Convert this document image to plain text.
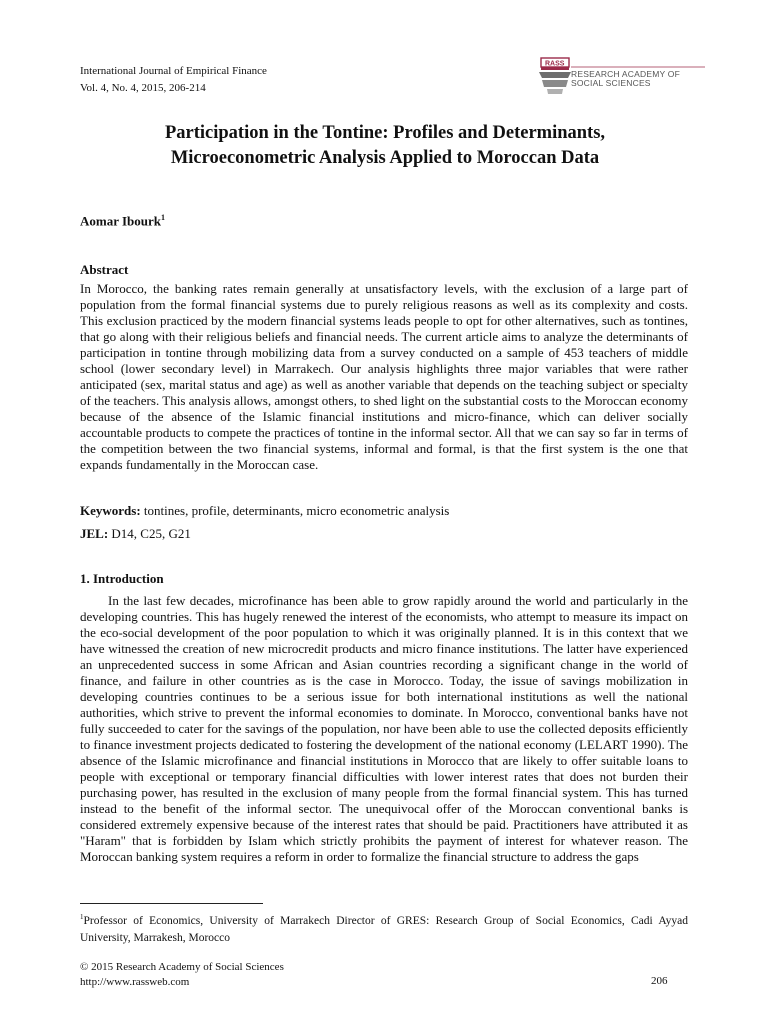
International Journal of Empirical Finance
Vol. 4, No. 4, 2015, 206-214
RASS
RESEARCH ACADEMY OF
SOCIAL SCIENCES
Participation in the Tontine: Profiles and Determinants,
Microeconometric Analysis Applied to Moroccan Data
Aomar Ibourk$^1$
Abstract
In Morocco, the banking rates remain generally at unsatisfactory levels, with the exclusion of a large part of population from the formal financial systems due to purely religious reasons as well as its complexity and costs. This exclusion practiced by the modern financial systems leads people to opt for other alternatives, such as tontines, that go along with their religious beliefs and financial needs. The current article aims to analyze the determinants of participation in tontine through mobilizing data from a survey conducted on a sample of 453 teachers of middle school (lower secondary level) in Marrakech. Our analysis highlights three major variables that were rather anticipated (sex, marital status and age) as well as another variable that depends on the teaching subject or specialty of the teachers. This analysis allows, amongst others, to shed light on the substantial costs to the Moroccan economy because of the absence of the Islamic financial institutions and micro-finance, which can deliver socially accountable products to compete the practices of tontine in the informal sector. All that we can say so far in terms of the competition between the two financial systems, informal and formal, is that the first system is the one that expands fundamentally in the Moroccan case.
Keywords: tontines, profile, determinants, micro econometric analysis
JEL: D14, C25, G21
1. Introduction
In the last few decades, microfinance has been able to grow rapidly around the world and particularly in the developing countries. This has hugely renewed the interest of the economists, who attempt to measure its impact on the eco-social development of the poor population to which it was originally planned. It is in this context that we have witnessed the creation of new microcredit products and micro finance institutions. The latter have experienced an unprecedented success in some African and Asian countries recording a significant change in the world of finance, and failure in other countries as is the case in Morocco. Today, the issue of savings mobilization in developing countries continues to be a serious issue for both international institutions as well the national authorities, which strive to prevent the informal economies to dominate. In Morocco, conventional banks have not fully succeeded to cater for the savings of the population, nor have been able to use the collected deposits efficiently to finance investment projects dedicated to fostering the development of the national economy (LELART 1990). The absence of the Islamic microfinance and financial institutions in Morocco that are likely to offer suitable loans to people with exceptional or temporary financial difficulties with lower interest rates that does not burden their purchasing power, has resulted in the exclusion of many people from the formal financial system. This has turned instead to the benefit of the informal sector. The unequivocal offer of the Moroccan conventional banks is considered extremely expensive because of the interest rates that should be paid. Practitioners have attributed it as "Haram" that is forbidden by Islam which strictly prohibits the payment of interest for whatever reason. The Moroccan banking system requires a reform in order to formalize the financial structure to address the gaps
$^1$Professor of Economics, University of Marrakech Director of GRES: Research Group of Social Economics, Cadi Ayyad University, Marrakesh, Morocco
© 2015 Research Academy of Social Sciences
http://www.rassweb.com	206
